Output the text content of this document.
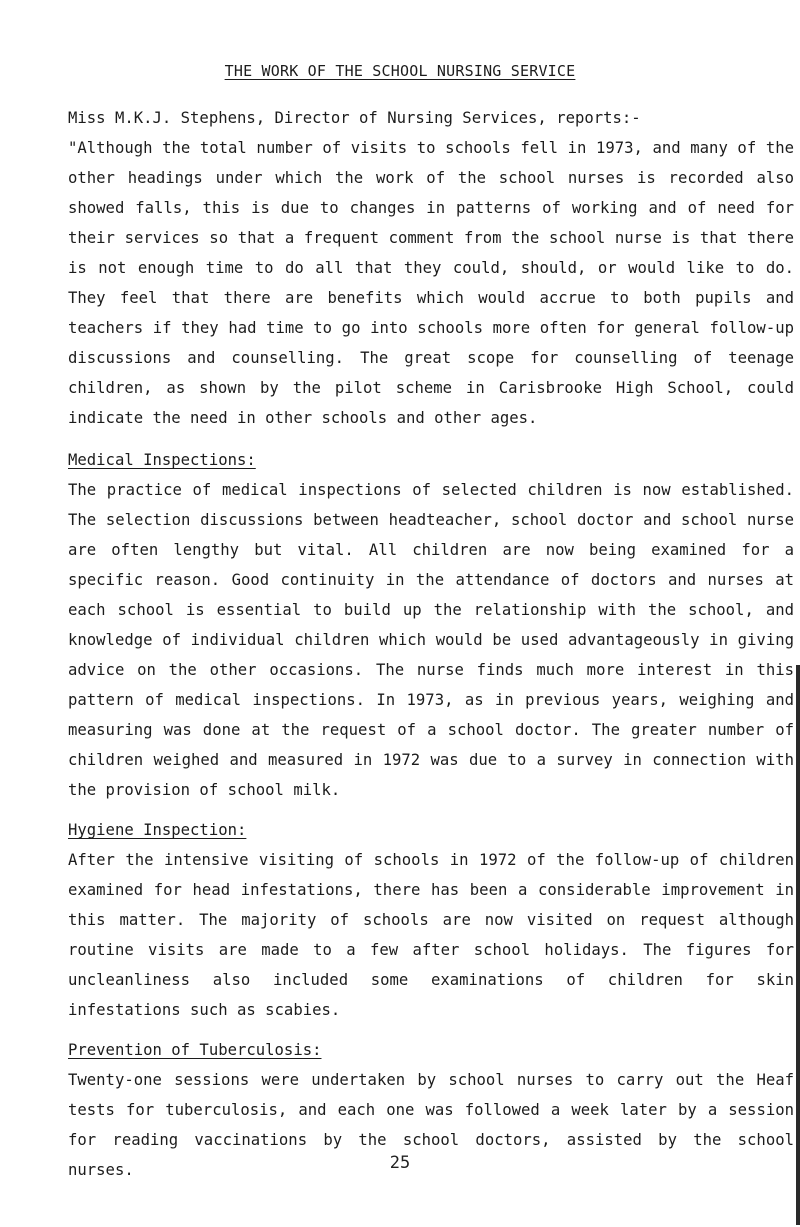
THE WORK OF THE SCHOOL NURSING SERVICE

Miss M.K.J. Stephens, Director of Nursing Services, reports:-

"Although the total number of visits to schools fell in 1973, and many of the other headings under which the work of the school nurses is recorded also showed falls, this is due to changes in patterns of working and of need for their services so that a frequent comment from the school nurse is that there is not enough time to do all that they could, should, or would like to do. They feel that there are benefits which would accrue to both pupils and teachers if they had time to go into schools more often for general follow-up discussions and counselling. The great scope for counselling of teenage children, as shown by the pilot scheme in Carisbrooke High School, could indicate the need in other schools and other ages.

Medical Inspections:

The practice of medical inspections of selected children is now established. The selection discussions between headteacher, school doctor and school nurse are often lengthy but vital. All children are now being examined for a specific reason. Good continuity in the attendance of doctors and nurses at each school is essential to build up the relationship with the school, and knowledge of individual children which would be used advantageously in giving advice on the other occasions. The nurse finds much more interest in this pattern of medical inspections. In 1973, as in previous years, weighing and measuring was done at the request of a school doctor. The greater number of children weighed and measured in 1972 was due to a survey in connection with the provision of school milk.

Hygiene Inspection:

After the intensive visiting of schools in 1972 of the follow-up of children examined for head infestations, there has been a considerable improvement in this matter. The majority of schools are now visited on request although routine visits are made to a few after school holidays. The figures for uncleanliness also included some examinations of children for skin infestations such as scabies.

Prevention of Tuberculosis:

Twenty-one sessions were undertaken by school nurses to carry out the Heaf tests for tuberculosis, and each one was followed a week later by a session for reading vaccinations by the school doctors, assisted by the school nurses.	25
